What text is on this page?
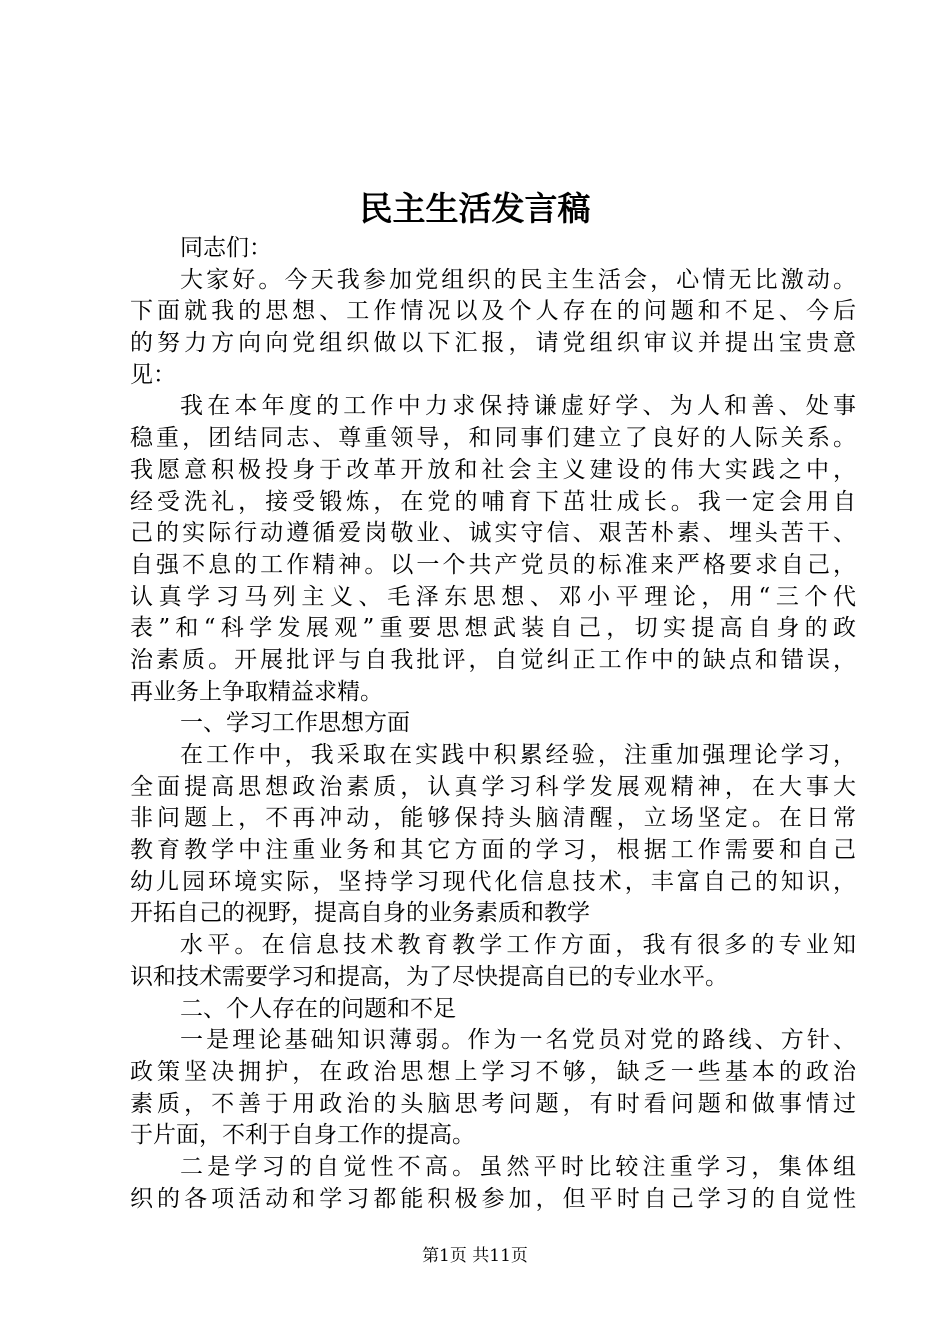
民主生活发言稿
同志们：
大家好。今天我参加党组织的民主生活会，心情无比激动。
下面就我的思想、工作情况以及个人存在的问题和不足、今后
的努力方向向党组织做以下汇报，请党组织审议并提出宝贵意
见：
我在本年度的工作中力求保持谦虚好学、为人和善、处事
稳重，团结同志、尊重领导，和同事们建立了良好的人际关系。
我愿意积极投身于改革开放和社会主义建设的伟大实践之中，
经受洗礼，接受锻炼，在党的哺育下茁壮成长。我一定会用自
己的实际行动遵循爱岗敬业、诚实守信、艰苦朴素、埋头苦干、
自强不息的工作精神。以一个共产党员的标准来严格要求自己，
认真学习马列主义、毛泽东思想、邓小平理论，用“三个代
表”和“科学发展观”重要思想武装自己，切实提高自身的政
治素质。开展批评与自我批评，自觉纠正工作中的缺点和错误，
再业务上争取精益求精。
一、学习工作思想方面
在工作中，我采取在实践中积累经验，注重加强理论学习，
全面提高思想政治素质，认真学习科学发展观精神，在大事大
非问题上，不再冲动，能够保持头脑清醒，立场坚定。在日常
教育教学中注重业务和其它方面的学习，根据工作需要和自己
幼儿园环境实际，坚持学习现代化信息技术，丰富自己的知识，
开拓自己的视野，提高自身的业务素质和教学
水平。在信息技术教育教学工作方面，我有很多的专业知
识和技术需要学习和提高，为了尽快提高自已的专业水平。
二、个人存在的问题和不足
一是理论基础知识薄弱。作为一名党员对党的路线、方针、
政策坚决拥护，在政治思想上学习不够，缺乏一些基本的政治
素质，不善于用政治的头脑思考问题，有时看问题和做事情过
于片面，不利于自身工作的提高。
二是学习的自觉性不高。虽然平时比较注重学习，集体组
织的各项活动和学习都能积极参加，但平时自己学习的自觉性
第1页 共11页
